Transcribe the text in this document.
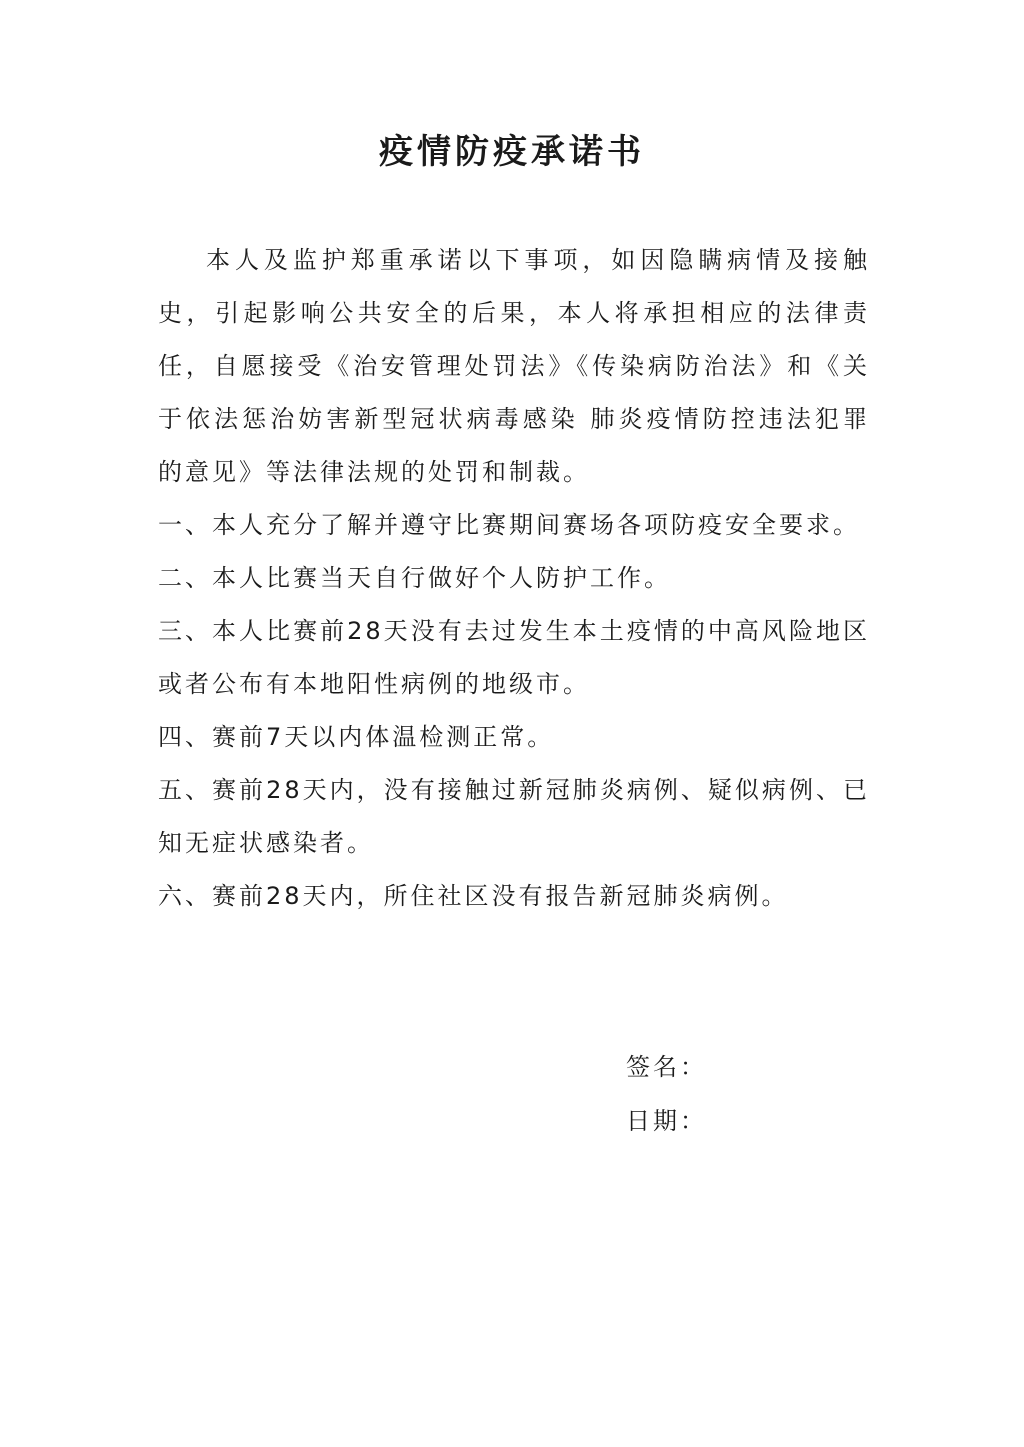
疫情防疫承诺书

本人及监护郑重承诺以下事项，如因隐瞒病情及接触史，引起影响公共安全的后果，本人将承担相应的法律责任，自愿接受《治安管理处罚法》《传染病防治法》和《关于依法惩治妨害新型冠状病毒感染 肺炎疫情防控违法犯罪的意见》等法律法规的处罚和制裁。

一、本人充分了解并遵守比赛期间赛场各项防疫安全要求。

二、本人比赛当天自行做好个人防护工作。

三、本人比赛前28天没有去过发生本土疫情的中高风险地区或者公布有本地阳性病例的地级市。

四、赛前7天以内体温检测正常。

五、赛前28天内，没有接触过新冠肺炎病例、疑似病例、已知无症状感染者。

六、赛前28天内，所住社区没有报告新冠肺炎病例。

签名：

日期：
